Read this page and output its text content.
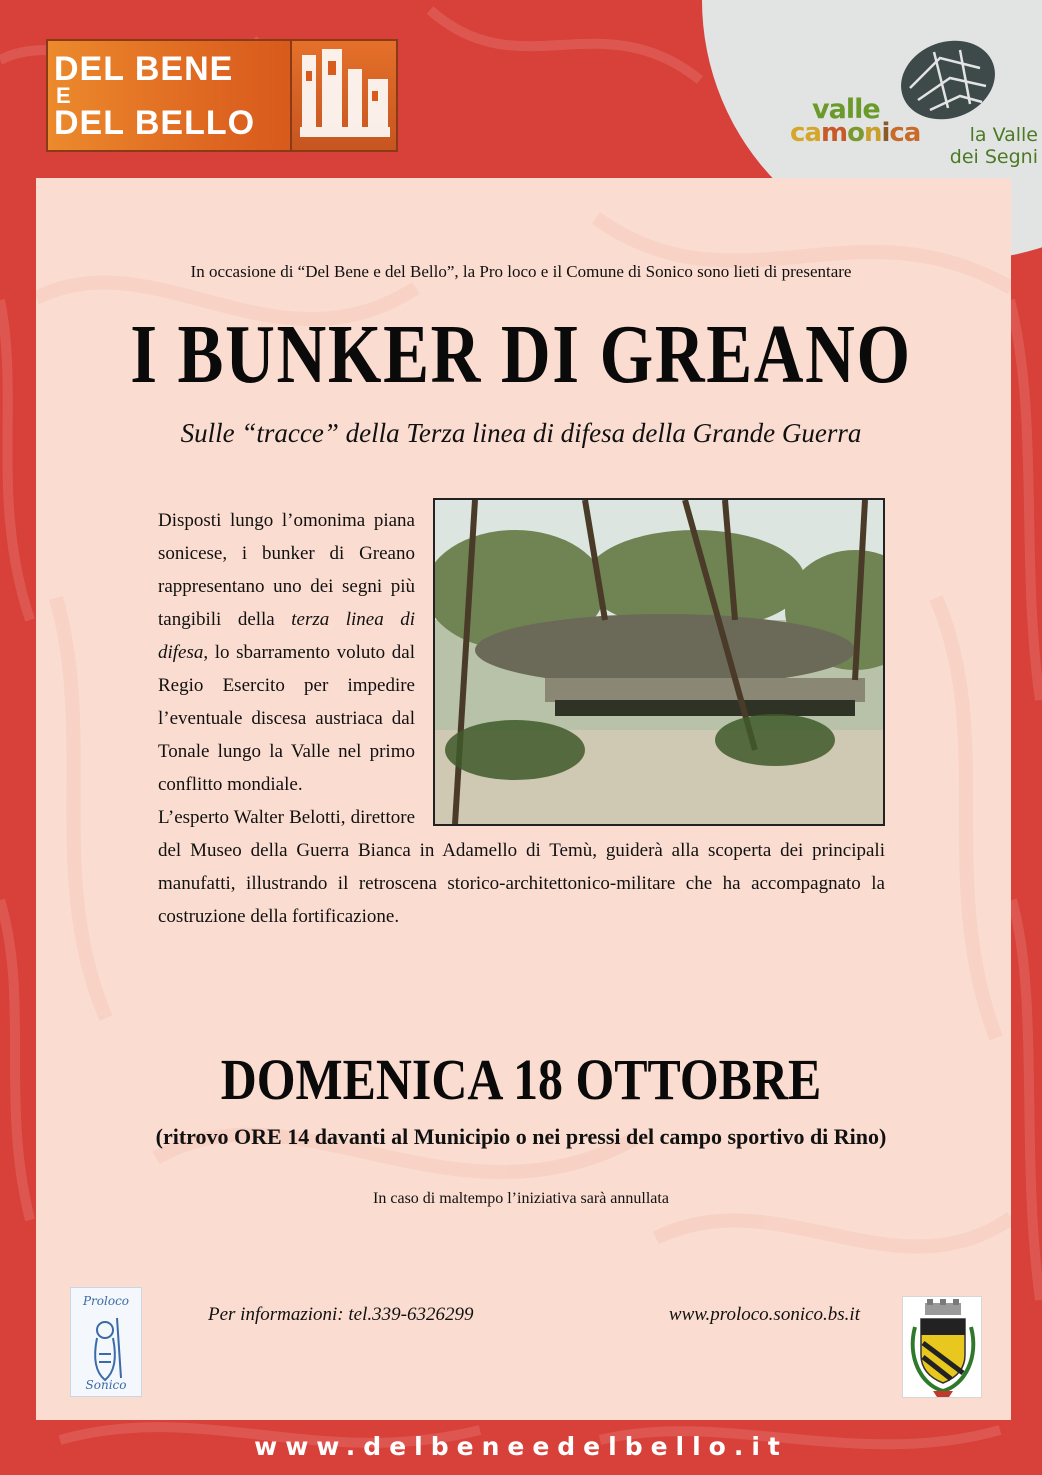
valle
camonica	la Valle
dei Segni
DEL BENE
E
DEL BELLO
In occasione di “Del Bene e del Bello”, la Pro loco e il Comune di Sonico sono lieti di presentare
I BUNKER DI GREANO
Sulle “tracce” della Terza linea di difesa della Grande Guerra
Disposti lungo l’omonima piana sonicese, i bunker di Greano rappresentano uno dei segni più tangibili della terza linea di difesa, lo sbarramento voluto dal Regio Esercito per impedire l’eventuale discesa austriaca dal Tonale lungo la Valle nel primo conflitto mondiale.
L’esperto Walter Belotti, direttore del Museo della Guerra Bianca in Adamello di Temù, guiderà alla scoperta dei principali manufatti, illustrando il retroscena storico-architettonico-militare che ha accompagnato la costruzione della fortificazione.
DOMENICA 18 OTTOBRE
(ritrovo ORE 14 davanti al Municipio o nei pressi del campo sportivo di Rino)
In caso di maltempo l’iniziativa sarà annullata
Proloco
Sonico
Per informazioni: tel.339-6326299	www.proloco.sonico.bs.it
www.delbeneedelbello.it
